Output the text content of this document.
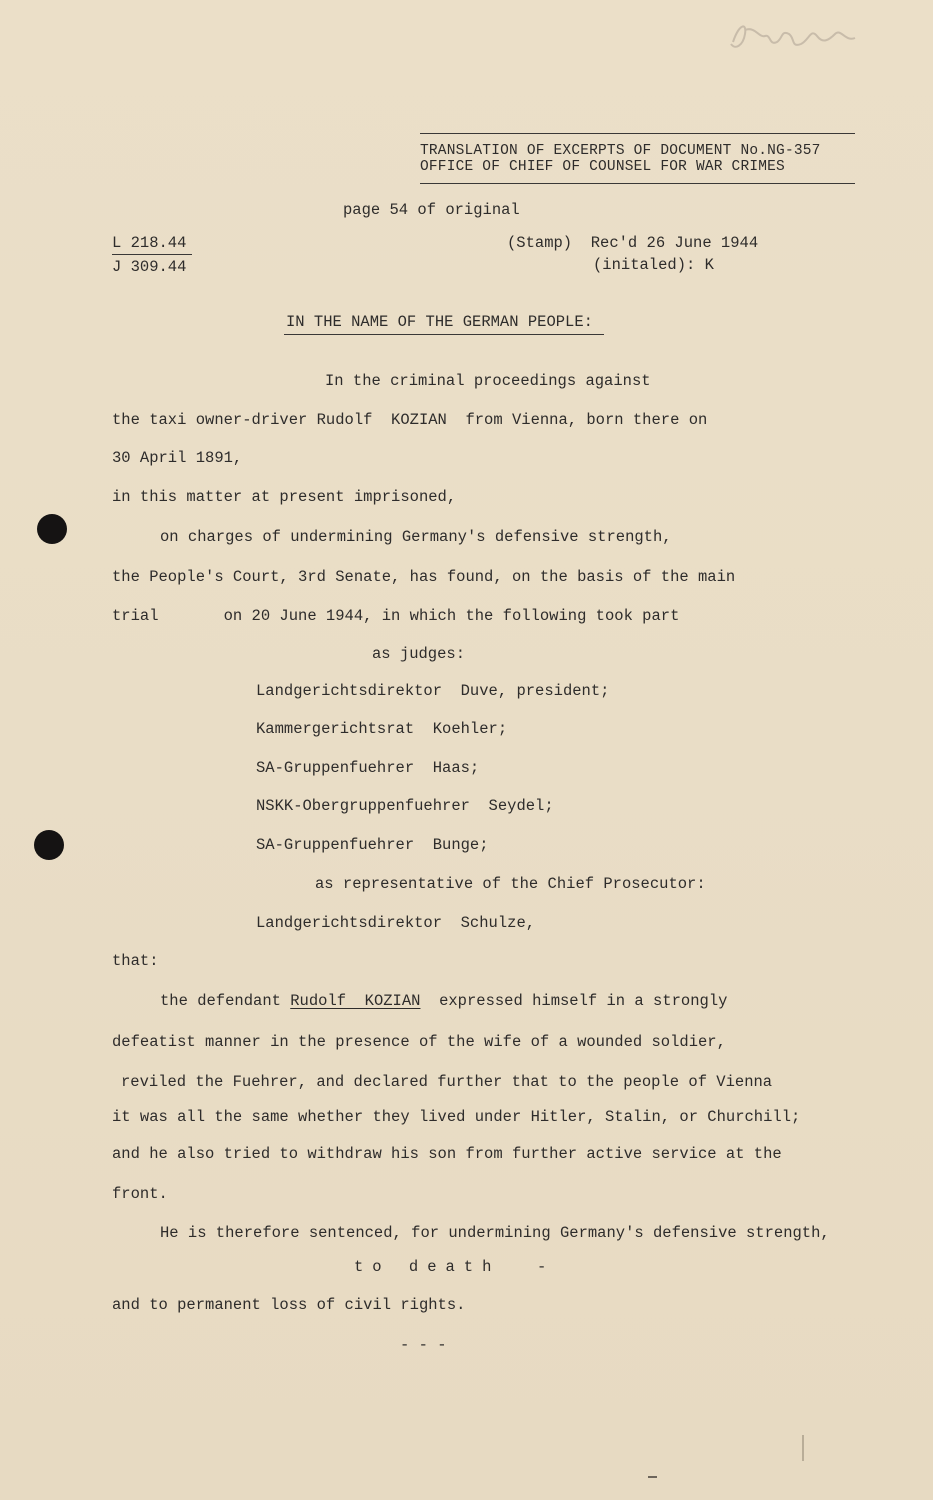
TRANSLATION OF EXCERPTS OF DOCUMENT No.NG-357
OFFICE OF CHIEF OF COUNSEL FOR WAR CRIMES
page 54 of original
L 218.44
J 309.44
(Stamp)  Rec'd 26 June 1944
(initaled): K
IN THE NAME OF THE GERMAN PEOPLE:
In the criminal proceedings against
the taxi owner-driver Rudolf  KOZIAN  from Vienna, born there on
30 April 1891,
in this matter at present imprisoned,
on charges of undermining Germany's defensive strength,
the People's Court, 3rd Senate, has found, on the basis of the main
trial       on 20 June 1944, in which the following took part
as judges:
Landgerichtsdirektor  Duve, president;
Kammergerichtsrat  Koehler;
SA-Gruppenfuehrer  Haas;
NSKK-Obergruppenfuehrer  Seydel;
SA-Gruppenfuehrer  Bunge;
as representative of the Chief Prosecutor:
Landgerichtsdirektor  Schulze,
that:
the defendant Rudolf  KOZIAN  expressed himself in a strongly
defeatist manner in the presence of the wife of a wounded soldier,
reviled the Fuehrer, and declared further that to the people of Vienna
it was all the same whether they lived under Hitler, Stalin, or Churchill;
and he also tried to withdraw his son from further active service at the
front.
He is therefore sentenced, for undermining Germany's defensive strength,
to death  -
and to permanent loss of civil rights.
- - -
